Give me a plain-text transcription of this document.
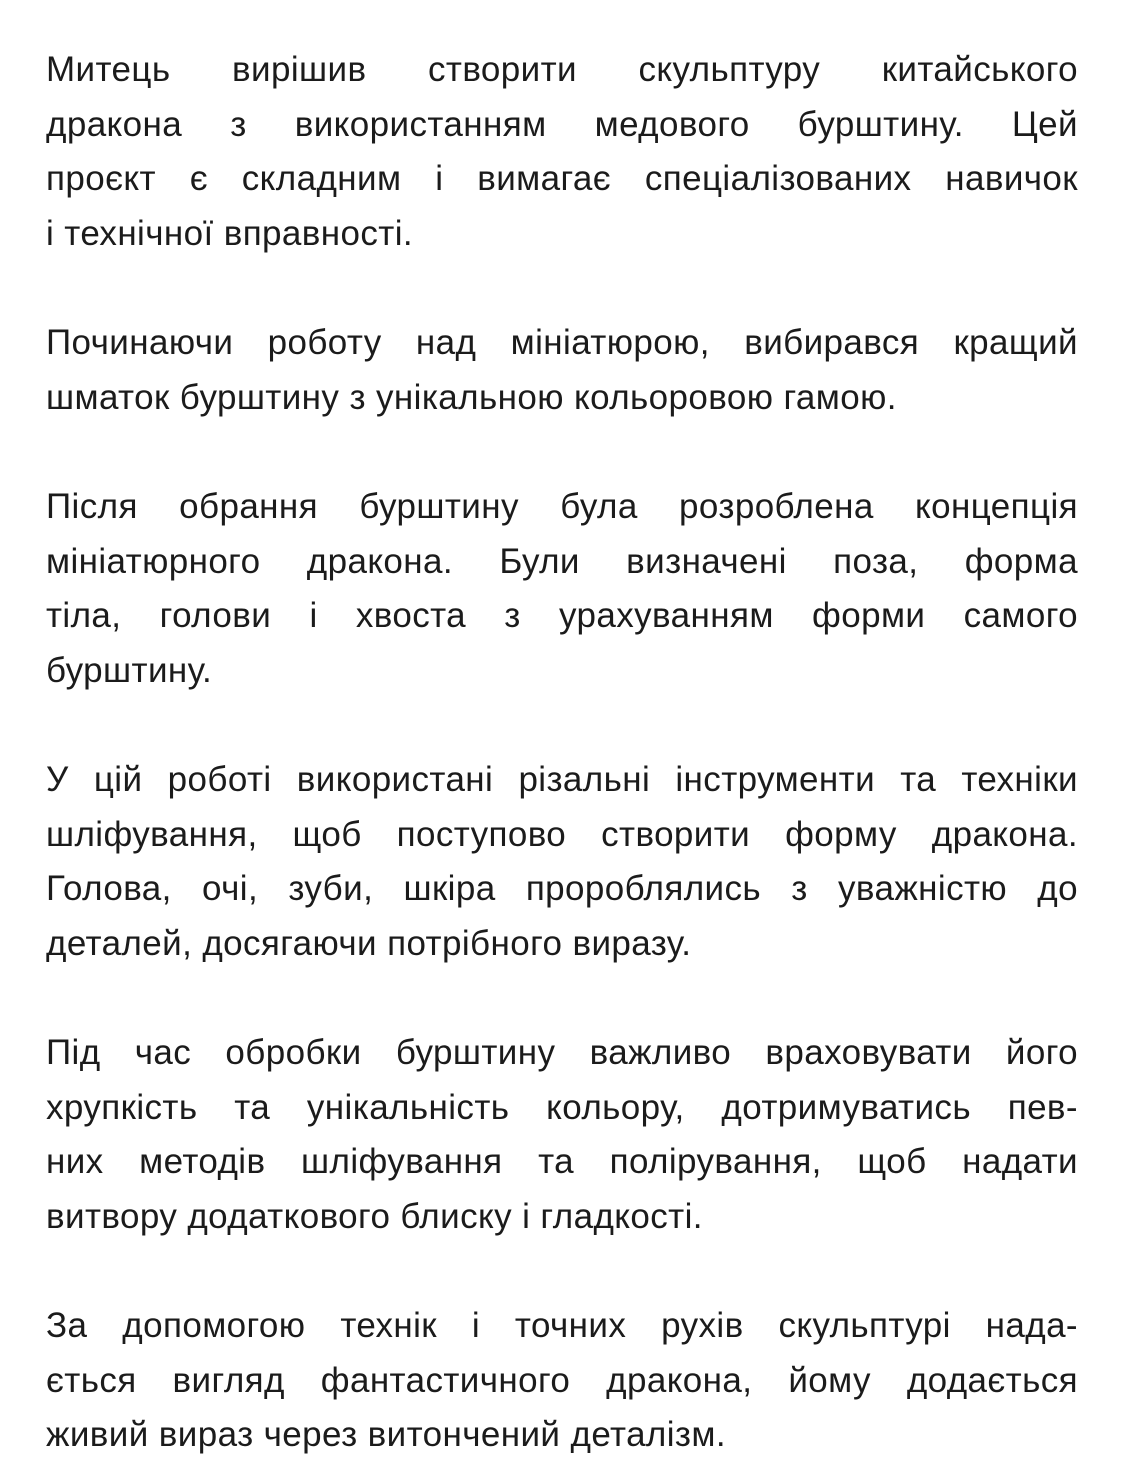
Митець вирішив створити скульптуру китайського
дракона з використанням медового бурштину. Цей
проєкт є складним і вимагає спеціалізованих навичок
і технічної вправності.
Починаючи роботу над мініатюрою, вибирався кращий
шматок бурштину з унікальною кольоровою гамою.
Після обрання бурштину була розроблена концепція
мініатюрного дракона. Були визначені поза, форма
тіла, голови і хвоста з урахуванням форми самого
бурштину.
У цій роботі використані різальні інструменти та техніки
шліфування, щоб поступово створити форму дракона.
Голова, очі, зуби, шкіра пророблялись з уважністю до
деталей, досягаючи потрібного виразу.
Під час обробки бурштину важливо враховувати його
хрупкість та унікальність кольору, дотримуватись пев-
них методів шліфування та полірування, щоб надати
витвору додаткового блиску і гладкості.
За допомогою технік і точних рухів скульптурі нада-
ється вигляд фантастичного дракона, йому додається
живий вираз через витончений деталізм.
